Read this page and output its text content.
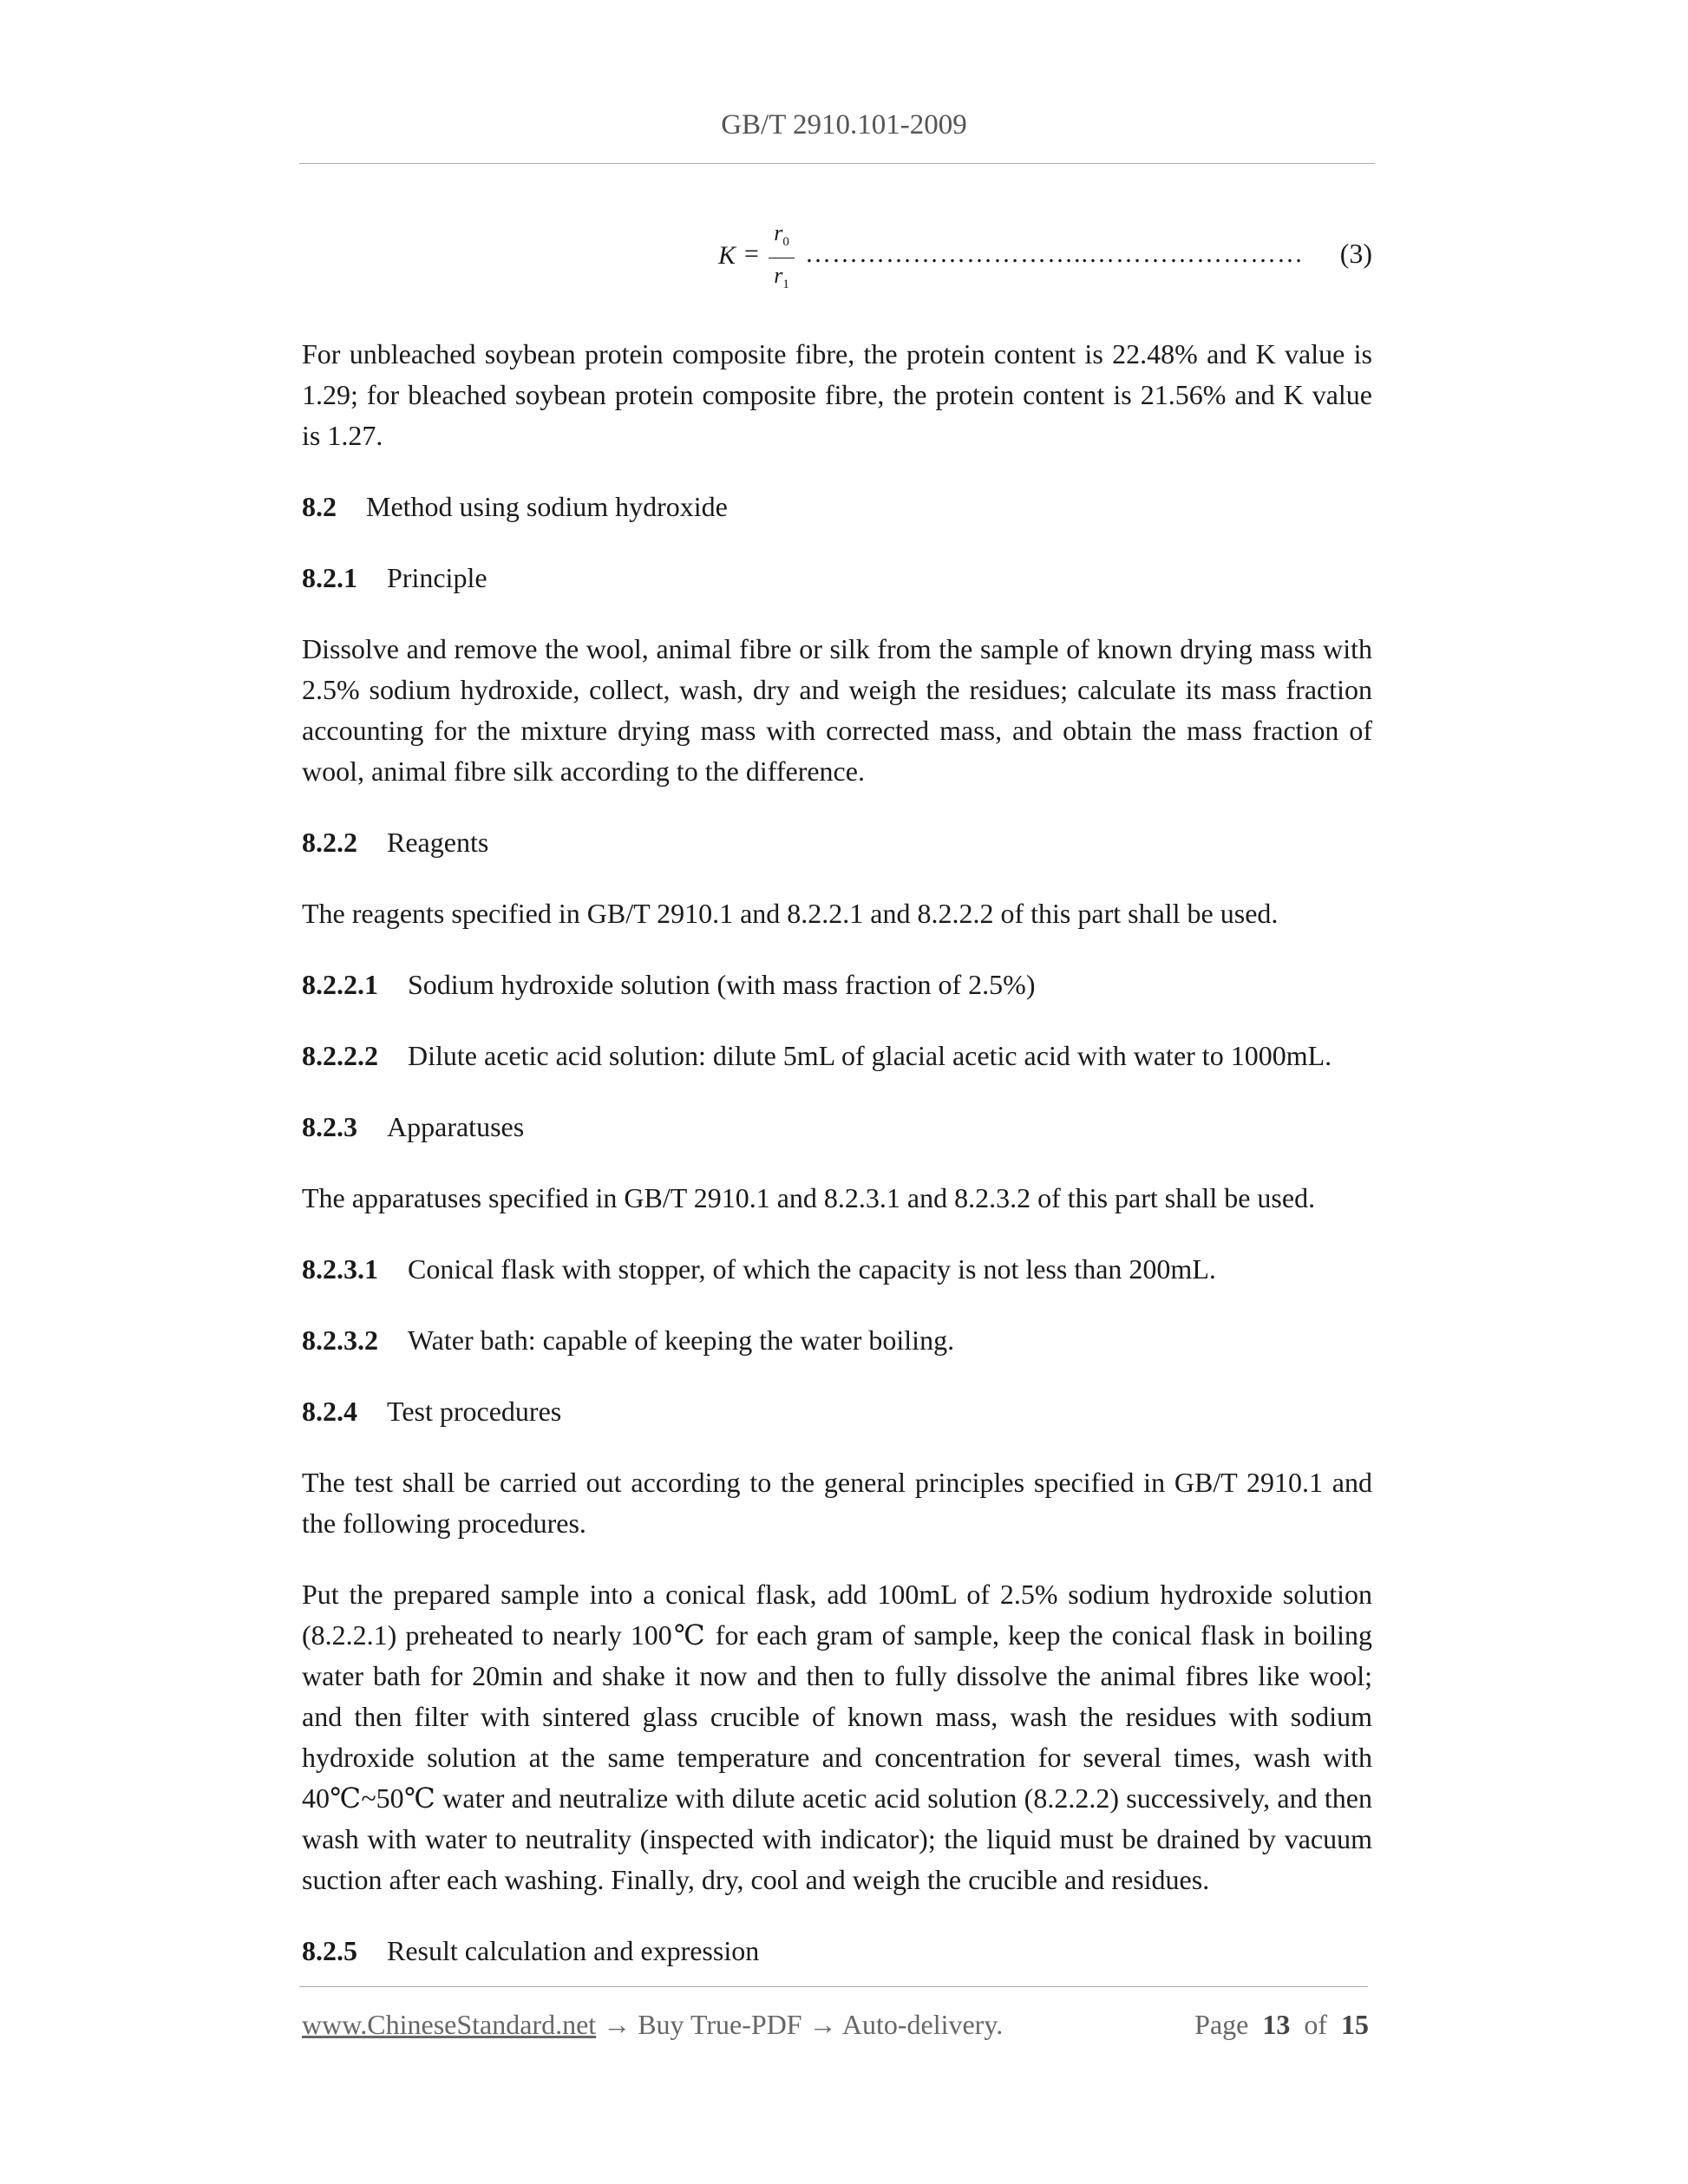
GB/T 2910.101-2009
$K = \frac{r_0}{r_1}$ …………………………..…………………… (3)

For unbleached soybean protein composite fibre, the protein content is 22.48% and K value is 1.29; for bleached soybean protein composite fibre, the protein content is 21.56% and K value is 1.27.

8.2 Method using sodium hydroxide
8.2.1 Principle

Dissolve and remove the wool, animal fibre or silk from the sample of known drying mass with 2.5% sodium hydroxide, collect, wash, dry and weigh the residues; calculate its mass fraction accounting for the mixture drying mass with corrected mass, and obtain the mass fraction of wool, animal fibre silk according to the difference.

8.2.2 Reagents

The reagents specified in GB/T 2910.1 and 8.2.2.1 and 8.2.2.2 of this part shall be used.

8.2.2.1 Sodium hydroxide solution (with mass fraction of 2.5%)
8.2.2.2 Dilute acetic acid solution: dilute 5mL of glacial acetic acid with water to 1000mL.
8.2.3 Apparatuses

The apparatuses specified in GB/T 2910.1 and 8.2.3.1 and 8.2.3.2 of this part shall be used.

8.2.3.1 Conical flask with stopper, of which the capacity is not less than 200mL.
8.2.3.2 Water bath: capable of keeping the water boiling.
8.2.4 Test procedures

The test shall be carried out according to the general principles specified in GB/T 2910.1 and the following procedures.

Put the prepared sample into a conical flask, add 100mL of 2.5% sodium hydroxide solution (8.2.2.1) preheated to nearly 100℃ for each gram of sample, keep the conical flask in boiling water bath for 20min and shake it now and then to fully dissolve the animal fibres like wool; and then filter with sintered glass crucible of known mass, wash the residues with sodium hydroxide solution at the same temperature and concentration for several times, wash with 40℃~50℃ water and neutralize with dilute acetic acid solution (8.2.2.2) successively, and then wash with water to neutrality (inspected with indicator); the liquid must be drained by vacuum suction after each washing. Finally, dry, cool and weigh the crucible and residues.

8.2.5 Result calculation and expression
www.ChineseStandard.net → Buy True-PDF → Auto-delivery.	Page 13 of 15
